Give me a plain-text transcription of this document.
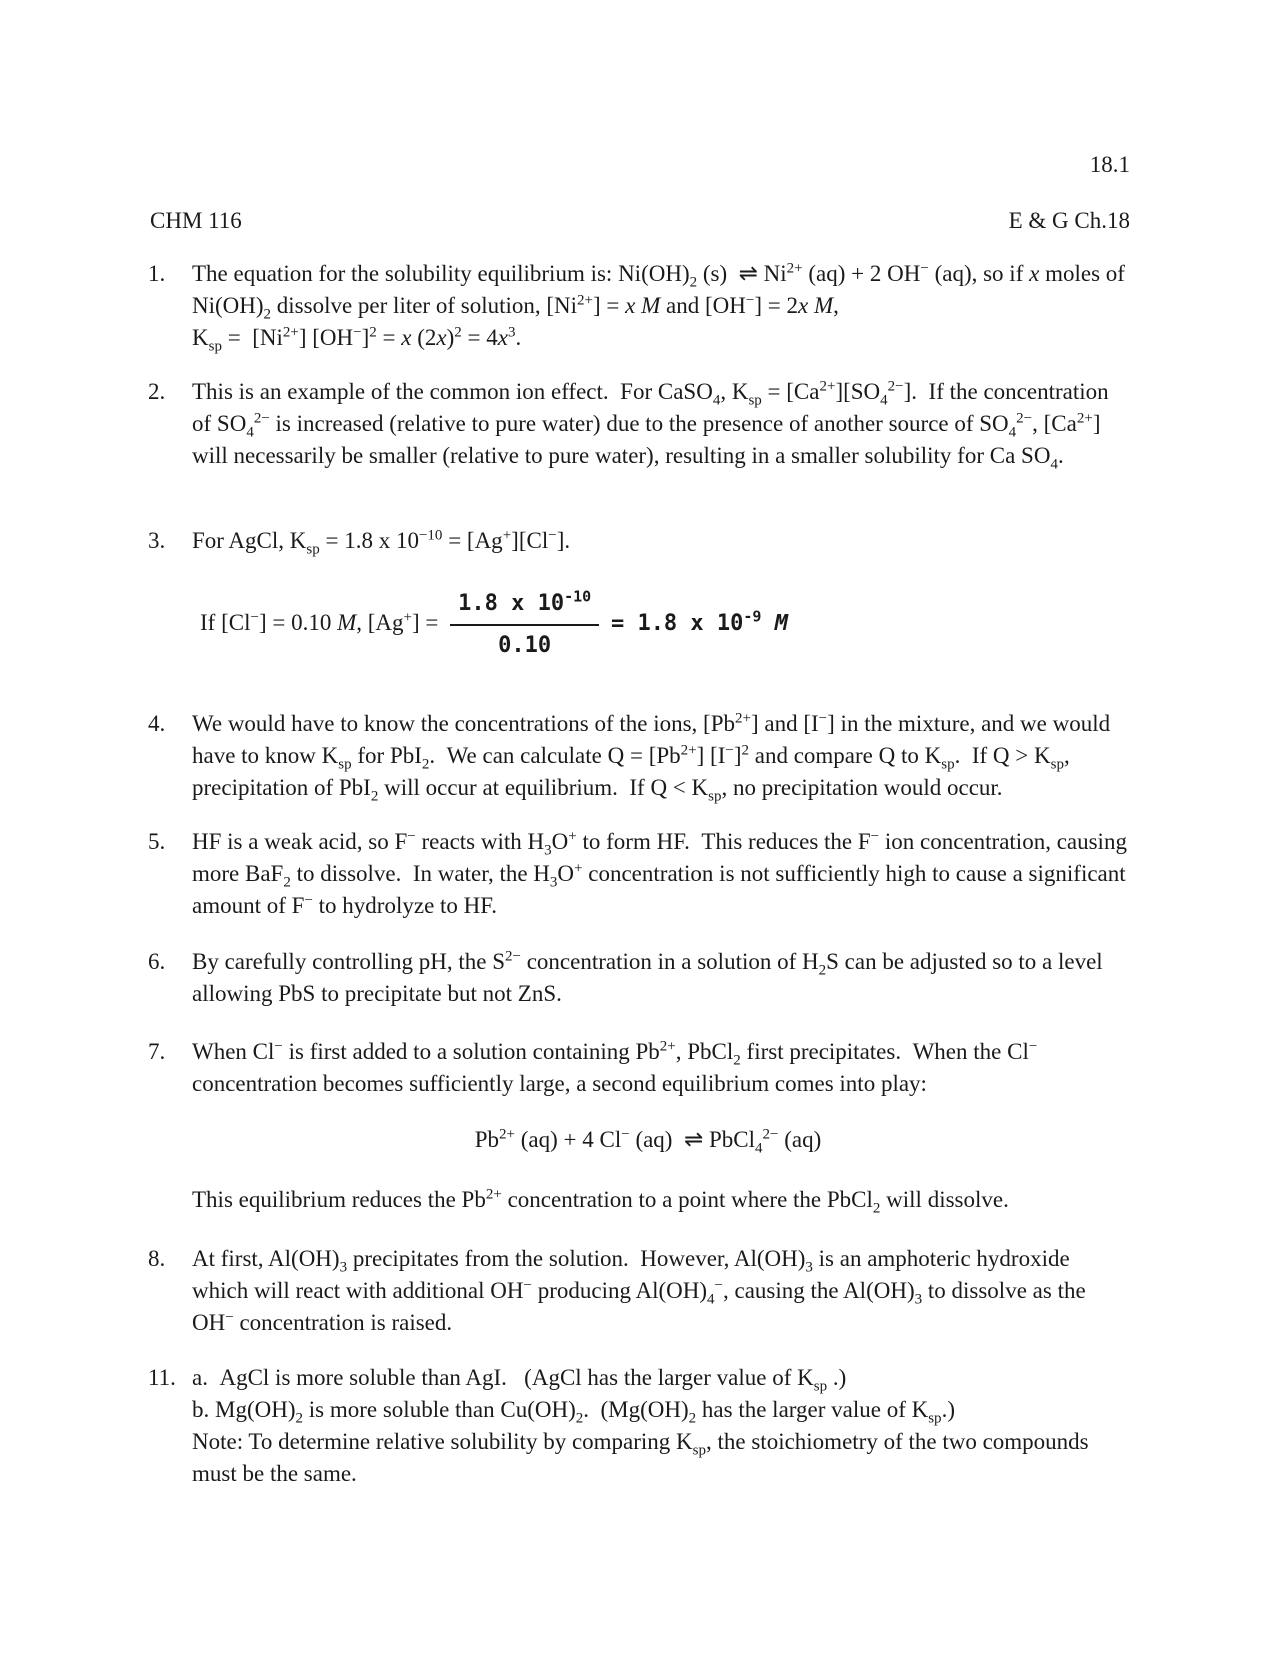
18.1
CHM 116	E & G Ch.18
1.	The equation for the solubility equilibrium is: $Ni(OH)_2$ (s)  ⇌ $Ni^{2+}$ (aq) + 2 OH− (aq), so if x moles of $Ni(OH)_2$ dissolve per liter of solution, $[Ni^{2+}] = x$ M and [OH−] = 2x M,
$K_{sp} = [Ni^{2+}] [OH^-]^2 = x$ $(2x)^2 = 4x^3$.
2.	This is an example of the common ion effect.  For CaSO$_4$, $K_{sp} = [Ca^{2+}][SO_4^{2-}]$.  If the concentration of $SO_4^{2-}$ is increased (relative to pure water) due to the presence of another source of $SO_4^{2-}$, $[Ca^{2+}]$ will necessarily be smaller (relative to pure water), resulting in a smaller solubility for Ca $SO_4$.
3.	For AgCl, $K_{sp} = 1.8$ x $10^{-10} = [Ag^+][Cl^-]$.
If [Cl−] = 0.10 M, $[Ag^+] = \frac{1.8 x 10^{-10}}{0.10} = 1.8$ x $10^{-9}$ M
4.	We would have to know the concentrations of the ions, $[Pb^{2+}]$ and [I−] in the mixture, and we would have to know $K_{sp}$ for PbI$_2$.  We can calculate $Q = [Pb^{2+}]$ $[I^-]^2$ and compare Q to $K_{sp}$.  If $Q > K_{sp}$, precipitation of PbI$_2$ will occur at equilibrium.  If $Q < K_{sp}$, no precipitation would occur.
5.	HF is a weak acid, so F− reacts with $H_3O^+$ to form HF.  This reduces the F− ion concentration, causing more BaF$_2$ to dissolve.  In water, the $H_3O^+$ concentration is not sufficiently high to cause a significant amount of F− to hydrolyze to HF.
6.	By carefully controlling pH, the $S^{2-}$ concentration in a solution of $H_2S$ can be adjusted so to a level allowing PbS to precipitate but not ZnS.
7.	When Cl− is first added to a solution containing $Pb^{2+}$, PbCl$_2$ first precipitates.  When the Cl− concentration becomes sufficiently large, a second equilibrium comes into play:
$Pb^{2+}$ (aq) + 4 Cl− (aq)  ⇌ PbCl$_4^{2-}$ (aq)
This equilibrium reduces the $Pb^{2+}$ concentration to a point where the PbCl$_2$ will dissolve.
8.	At first, $Al(OH)_3$ precipitates from the solution.  However, $Al(OH)_3$ is an amphoteric hydroxide which will react with additional OH− producing $Al(OH)_4^-$, causing the $Al(OH)_3$ to dissolve as the OH− concentration is raised.
11. a.  AgCl is more soluble than AgI.   (AgCl has the larger value of $K_{sp}$ .)
b. $Mg(OH)_2$ is more soluble than $Cu(OH)_2$.  ($Mg(OH)_2$ has the larger value of $K_{sp}$.)
Note: To determine relative solubility by comparing $K_{sp}$, the stoichiometry of the two compounds must be the same.
